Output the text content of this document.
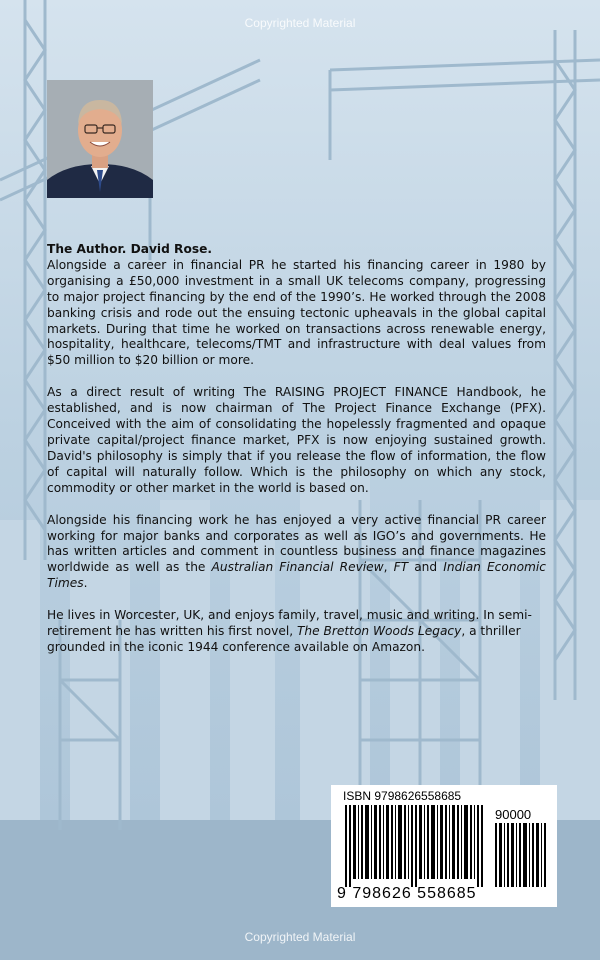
Copyrighted Material

The Author. David Rose.
Alongside a career in financial PR he started his financing career in 1980 by organising a £50,000 investment in a small UK telecoms company, progressing to major project financing by the end of the 1990’s. He worked through the 2008 banking crisis and rode out the ensuing tectonic upheavals in the global capital markets. During that time he worked on transactions across renewable energy, hospitality, healthcare, telecoms/TMT and infrastructure with deal values from $50 million to $20 billion or more.

As a direct result of writing The RAISING PROJECT FINANCE Handbook, he established, and is now chairman of The Project Finance Exchange (PFX). Conceived with the aim of consolidating the hopelessly fragmented and opaque private capital/project finance market, PFX is now enjoying sustained growth. David's philosophy is simply that if you release the flow of information, the flow of capital will naturally follow. Which is the philosophy on which any stock, commodity or other market in the world is based on.

Alongside his financing work he has enjoyed a very active financial PR career working for major banks and corporates as well as IGO’s and governments. He has written articles and comment in countless business and finance magazines worldwide as well as the Australian Financial Review, FT and Indian Economic Times.

He lives in Worcester, UK, and enjoys family, travel, music and writing. In semi-retirement he has written his first novel, The Bretton Woods Legacy, a thriller grounded in the iconic 1944 conference available on Amazon.

ISBN 9798626558685
90000
9 798626 558685
Copyrighted Material
